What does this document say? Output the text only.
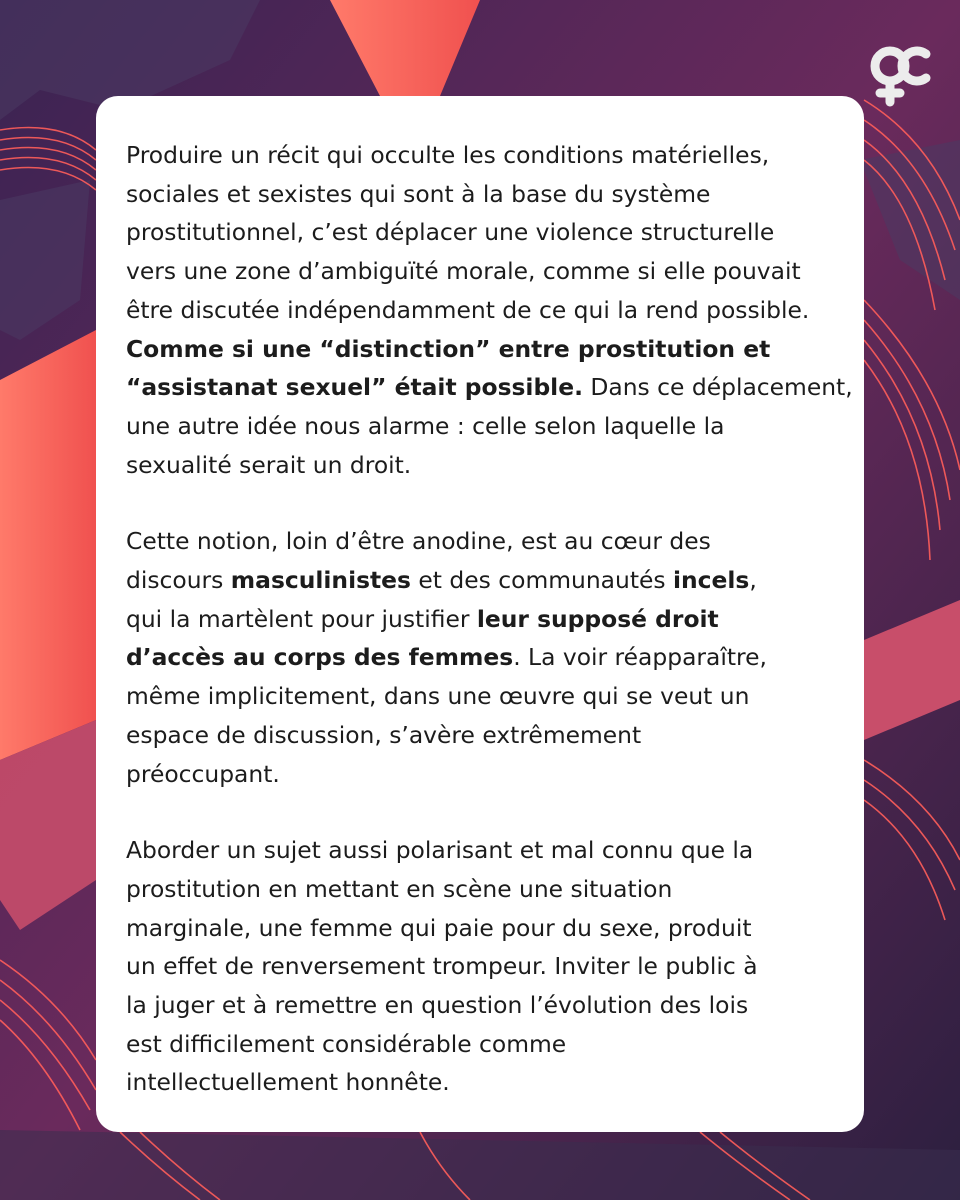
Produire un récit qui occulte les conditions matérielles,
sociales et sexistes qui sont à la base du système
prostitutionnel, c’est déplacer une violence structurelle
vers une zone d’ambiguïté morale, comme si elle pouvait
être discutée indépendamment de ce qui la rend possible.
Comme si une “distinction” entre prostitution et
“assistanat sexuel” était possible. Dans ce déplacement,
une autre idée nous alarme : celle selon laquelle la
sexualité serait un droit.

Cette notion, loin d’être anodine, est au cœur des
discours masculinistes et des communautés incels,
qui la martèlent pour justifier leur supposé droit
d’accès au corps des femmes. La voir réapparaître,
même implicitement, dans une œuvre qui se veut un
espace de discussion, s’avère extrêmement
préoccupant.

Aborder un sujet aussi polarisant et mal connu que la
prostitution en mettant en scène une situation
marginale, une femme qui paie pour du sexe, produit
un effet de renversement trompeur. Inviter le public à
la juger et à remettre en question l’évolution des lois
est difficilement considérable comme
intellectuellement honnête.
